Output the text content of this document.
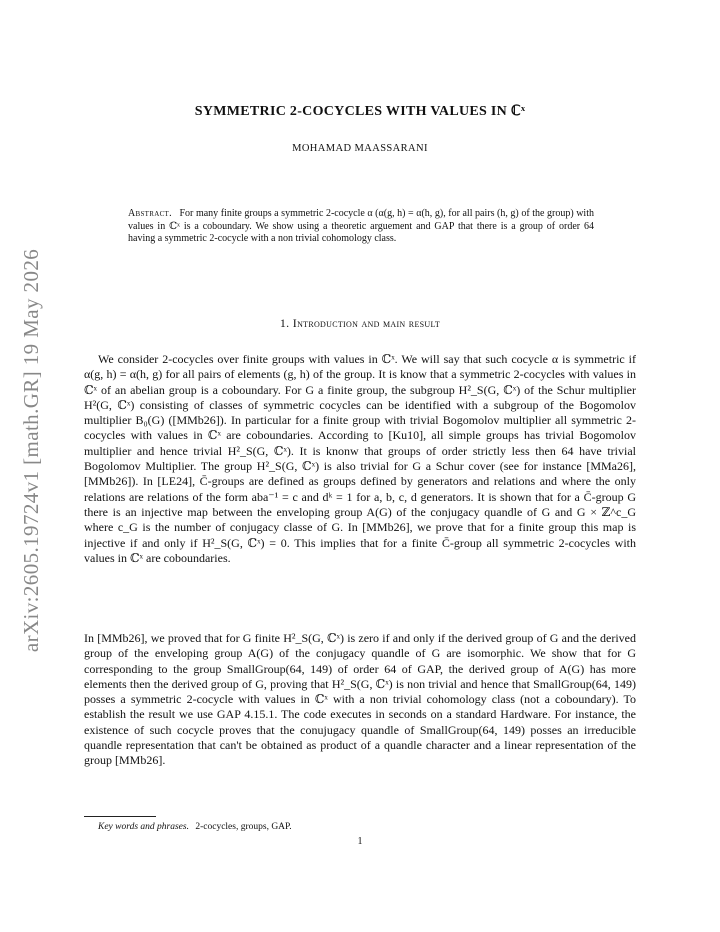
arXiv:2605.19724v1 [math.GR] 19 May 2026
SYMMETRIC 2-COCYCLES WITH VALUES IN ℂˣ
MOHAMAD MAASSARANI
Abstract. For many finite groups a symmetric 2-cocycle α (α(g, h) = α(h, g), for all pairs (h, g) of the group) with values in ℂˣ is a coboundary. We show using a theoretic arguement and GAP that there is a group of order 64 having a symmetric 2-cocycle with a non trivial cohomology class.
1. Introduction and main result

We consider 2-cocycles over finite groups with values in ℂˣ. We will say that such cocycle α is symmetric if α(g, h) = α(h, g) for all pairs of elements (g, h) of the group. It is know that a symmetric 2-cocycles with values in ℂˣ of an abelian group is a coboundary. For G a finite group, the subgroup H²_S(G, ℂˣ) of the Schur multiplier H²(G, ℂˣ) consisting of classes of symmetric cocycles can be identified with a subgroup of the Bogomolov multiplier B₀(G) ([MMb26]). In particular for a finite group with trivial Bogomolov multiplier all symmetric 2-cocycles with values in ℂˣ are coboundaries. According to [Ku10], all simple groups has trivial Bogomolov multiplier and hence trivial H²_S(G, ℂˣ). It is knonw that groups of order strictly less then 64 have trivial Bogolomov Multiplier. The group H²_S(G, ℂˣ) is also trivial for G a Schur cover (see for instance [MMa26],[MMb26]). In [LE24], C̄-groups are defined as groups defined by generators and relations and where the only relations are relations of the form aba⁻¹ = c and dᵏ = 1 for a, b, c, d generators. It is shown that for a C̄-group G there is an injective map between the enveloping group A(G) of the conjugacy quandle of G and G × ℤ^c_G where c_G is the number of conjugacy classe of G. In [MMb26], we prove that for a finite group this map is injective if and only if H²_S(G, ℂˣ) = 0. This implies that for a finite C̄-group all symmetric 2-cocycles with values in ℂˣ are coboundaries.

In [MMb26], we proved that for G finite H²_S(G, ℂˣ) is zero if and only if the derived group of G and the derived group of the enveloping group A(G) of the conjugacy quandle of G are isomorphic. We show that for G corresponding to the group SmallGroup(64, 149) of order 64 of GAP, the derived group of A(G) has more elements then the derived group of G, proving that H²_S(G, ℂˣ) is non trivial and hence that SmallGroup(64, 149) posses a symmetric 2-cocycle with values in ℂˣ with a non trivial cohomology class (not a coboundary). To establish the result we use GAP 4.15.1. The code executes in seconds on a standard Hardware. For instance, the existence of such cocycle proves that the conujugacy quandle of SmallGroup(64, 149) posses an irreducible quandle representation that can't be obtained as product of a quandle character and a linear representation of the group [MMb26].

Key words and phrases. 2-cocycles, groups, GAP.
1
